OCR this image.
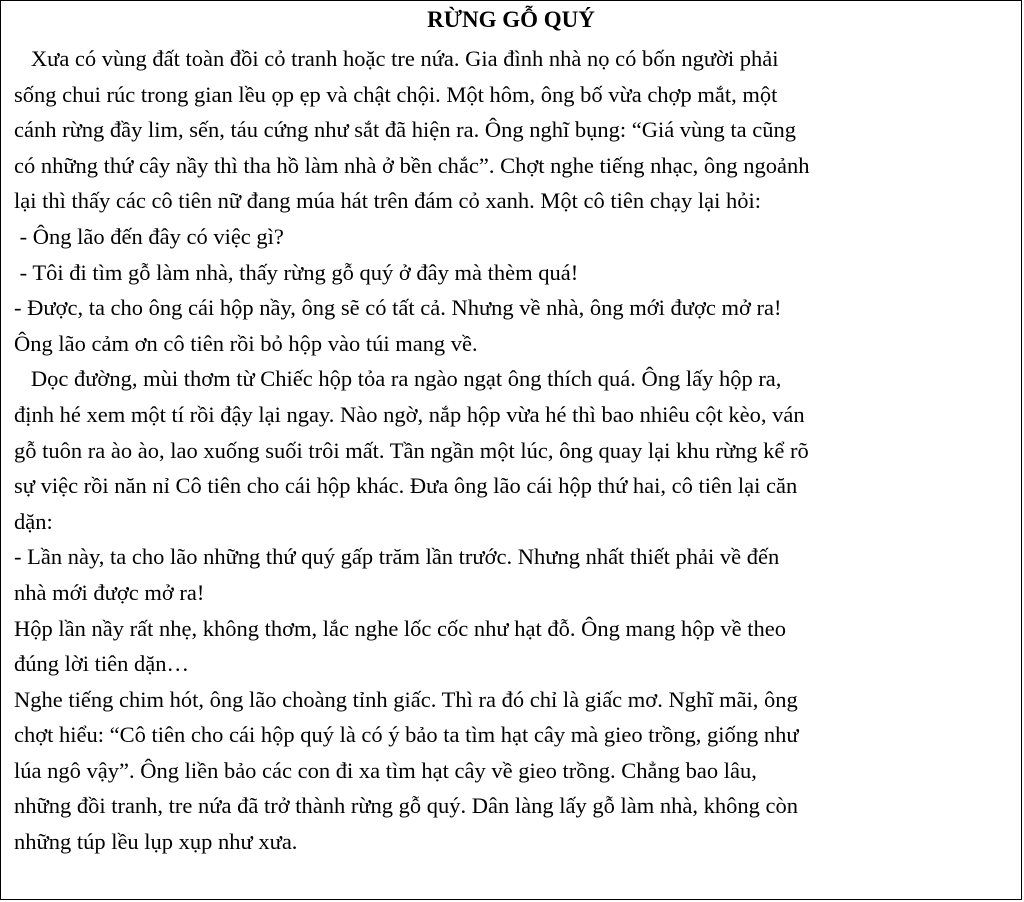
RỪNG GỖ QUÝ
Xưa có vùng đất toàn đồi cỏ tranh hoặc tre nứa. Gia đình nhà nọ có bốn người phải
sống chui rúc trong gian lều ọp ẹp và chật chội. Một hôm, ông bố vừa chợp mắt, một
cánh rừng đầy lim, sến, táu cứng như sắt đã hiện ra. Ông nghĩ bụng: “Giá vùng ta cũng
có những thứ cây nầy thì tha hồ làm nhà ở bền chắc”. Chợt nghe tiếng nhạc, ông ngoảnh
lại thì thấy các cô tiên nữ đang múa hát trên đám cỏ xanh. Một cô tiên chạy lại hỏi:
- Ông lão đến đây có việc gì?
- Tôi đi tìm gỗ làm nhà, thấy rừng gỗ quý ở đây mà thèm quá!
- Được, ta cho ông cái hộp nầy, ông sẽ có tất cả. Nhưng về nhà, ông mới được mở ra!
Ông lão cảm ơn cô tiên rồi bỏ hộp vào túi mang về.
Dọc đường, mùi thơm từ Chiếc hộp tỏa ra ngào ngạt ông thích quá. Ông lấy hộp ra,
định hé xem một tí rồi đậy lại ngay. Nào ngờ, nắp hộp vừa hé thì bao nhiêu cột kèo, ván
gỗ tuôn ra ào ào, lao xuống suối trôi mất. Tần ngần một lúc, ông quay lại khu rừng kể rõ
sự việc rồi năn nỉ Cô tiên cho cái hộp khác. Đưa ông lão cái hộp thứ hai, cô tiên lại căn
dặn:
- Lần này, ta cho lão những thứ quý gấp trăm lần trước. Nhưng nhất thiết phải về đến
nhà mới được mở ra!
Hộp lần nầy rất nhẹ, không thơm, lắc nghe lốc cốc như hạt đỗ. Ông mang hộp về theo
đúng lời tiên dặn…
Nghe tiếng chim hót, ông lão choàng tỉnh giấc. Thì ra đó chỉ là giấc mơ. Nghĩ mãi, ông
chợt hiểu: “Cô tiên cho cái hộp quý là có ý bảo ta tìm hạt cây mà gieo trồng, giống như
lúa ngô vậy”. Ông liền bảo các con đi xa tìm hạt cây về gieo trồng. Chẳng bao lâu,
những đồi tranh, tre nứa đã trở thành rừng gỗ quý. Dân làng lấy gỗ làm nhà, không còn
những túp lều lụp xụp như xưa.
